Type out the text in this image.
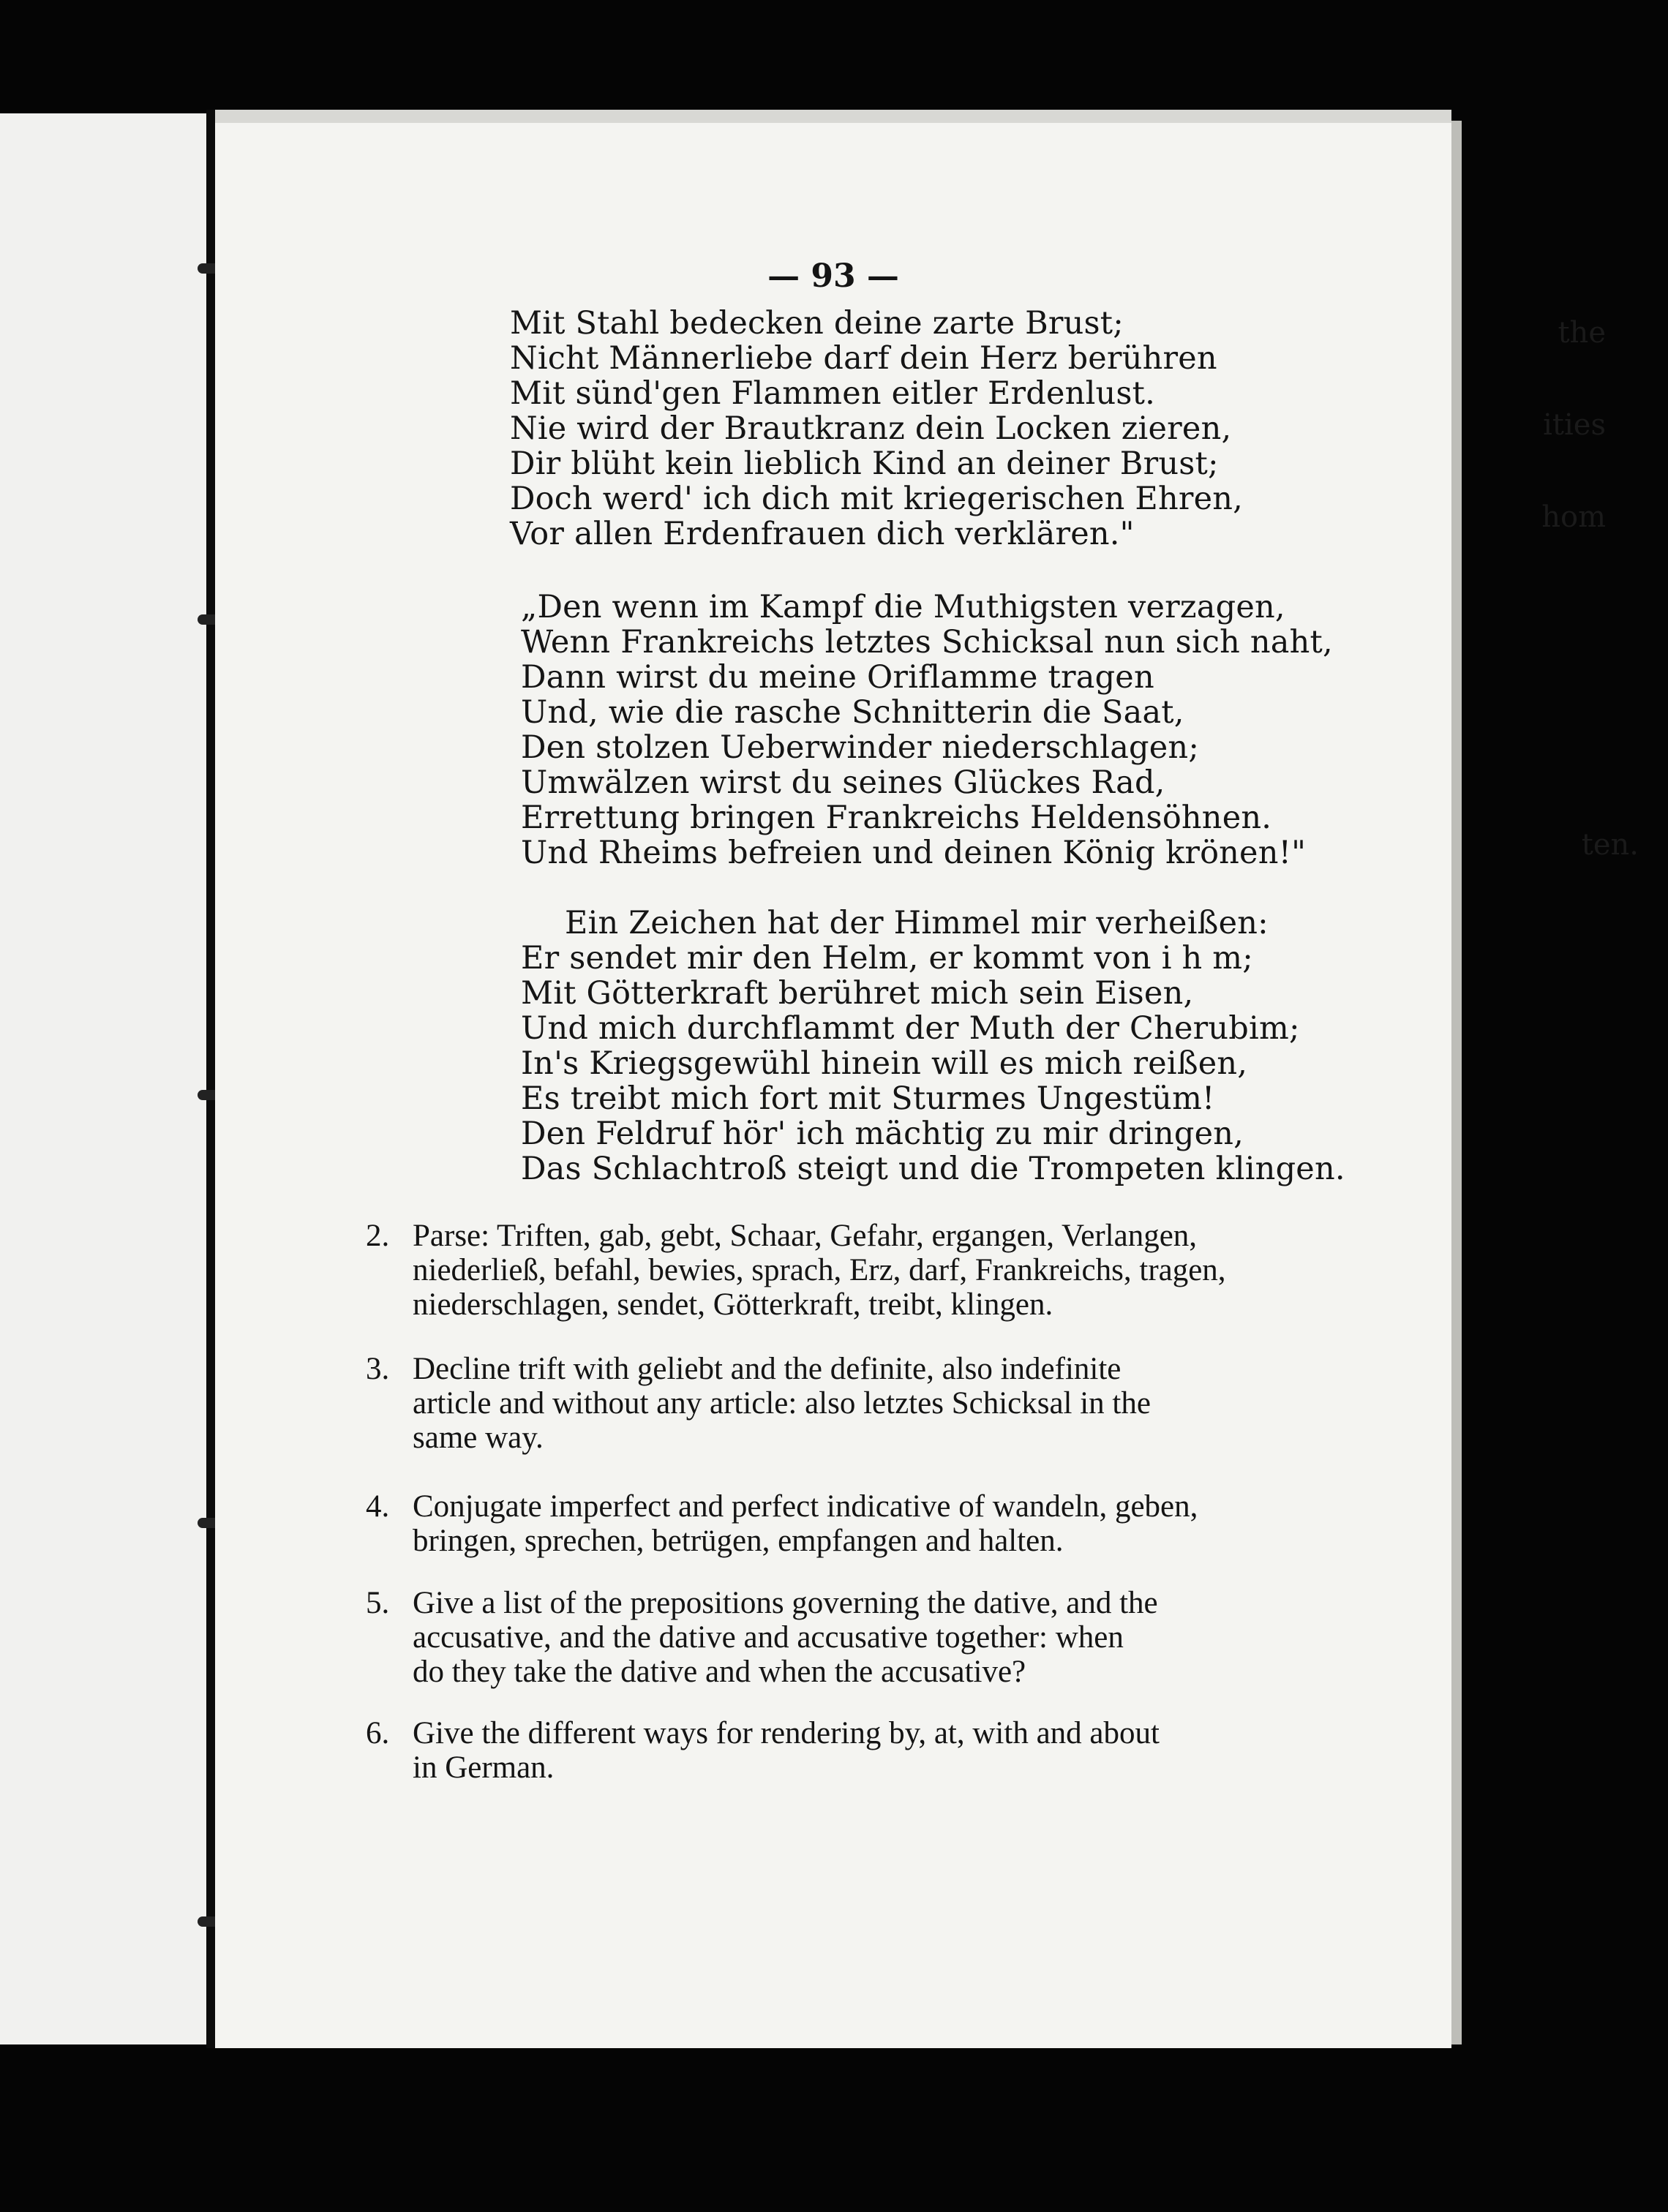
the
ities
hom
ten.
— 93 —
Mit Stahl bedecken deine zarte Brust;
Nicht Männerliebe darf dein Herz berühren
Mit sünd'gen Flammen eitler Erdenlust.
Nie wird der Brautkranz dein Locken zieren,
Dir blüht kein lieblich Kind an deiner Brust;
Doch werd' ich dich mit kriegerischen Ehren,
Vor allen Erdenfrauen dich verklären."
„Den wenn im Kampf die Muthigsten verzagen,
Wenn Frankreichs letztes Schicksal nun sich naht,
Dann wirst du meine Oriflamme tragen
Und, wie die rasche Schnitterin die Saat,
Den stolzen Ueberwinder niederschlagen;
Umwälzen wirst du seines Glückes Rad,
Errettung bringen Frankreichs Heldensöhnen.
Und Rheims befreien und deinen König krönen!"
Ein Zeichen hat der Himmel mir verheißen:
Er sendet mir den Helm, er kommt von i h m;
Mit Götterkraft berühret mich sein Eisen,
Und mich durchflammt der Muth der Cherubim;
In's Kriegsgewühl hinein will es mich reißen,
Es treibt mich fort mit Sturmes Ungestüm!
Den Feldruf hör' ich mächtig zu mir dringen,
Das Schlachtroß steigt und die Trompeten klingen.
2. Parse: Triften, gab, gebt, Schaar, Gefahr, ergangen, Verlangen,
niederließ, befahl, bewies, sprach, Erz, darf, Frankreichs, tragen,
niederschlagen, sendet, Götterkraft, treibt, klingen.
3. Decline trift with geliebt and the definite, also indefinite
article and without any article: also letztes Schicksal in the
same way.
4. Conjugate imperfect and perfect indicative of wandeln, geben,
bringen, sprechen, betrügen, empfangen and halten.
5. Give a list of the prepositions governing the dative, and the
accusative, and the dative and accusative together: when
do they take the dative and when the accusative?
6. Give the different ways for rendering by, at, with and about
in German.
